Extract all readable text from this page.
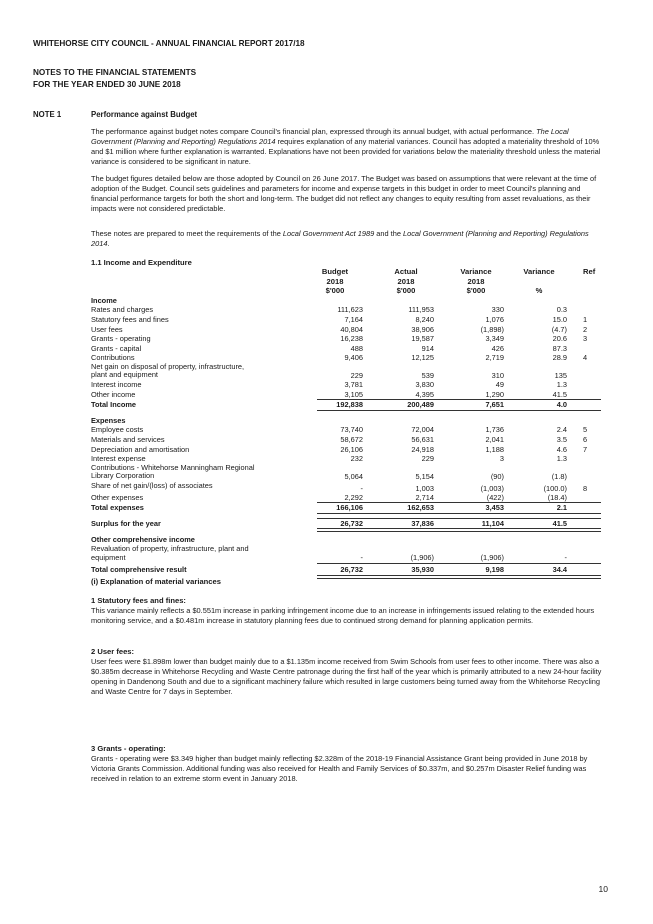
WHITEHORSE CITY COUNCIL - ANNUAL FINANCIAL REPORT 2017/18
NOTES TO THE FINANCIAL STATEMENTS
FOR THE YEAR ENDED 30 JUNE 2018
NOTE 1	Performance against Budget
The performance against budget notes compare Council's financial plan, expressed through its annual budget, with actual performance. The Local Government (Planning and Reporting) Regulations 2014 requires explanation of any material variances. Council has adopted a materiality threshold of 10% and $1 million where further explanation is warranted. Explanations have not been provided for variations below the materiality threshold unless the material variance is considered to be significant in nature.
The budget figures detailed below are those adopted by Council on 26 June 2017. The Budget was based on assumptions that were relevant at the time of adoption of the Budget. Council sets guidelines and parameters for income and expense targets in this budget in order to meet Council's planning and financial performance targets for both the short and long-term. The budget did not reflect any changes to equity resulting from asset revaluations, as their impacts were not considered predictable.
These notes are prepared to meet the requirements of the Local Government Act 1989 and the Local Government (Planning and Reporting) Regulations 2014.
1.1 Income and Expenditure
Budget	Actual	Variance	Variance	Ref
2018	2018	2018
$'000	$'000	$'000	%
Income
Rates and charges	111,623	111,953	330	0.3
Statutory fees and fines	7,164	8,240	1,076	15.0 1
User fees	40,804	38,906	(1,898)	(4.7) 2
Grants - operating	16,238	19,587	3,349	20.6 3
Grants - capital	488	914	426	87.3
Contributions	9,406	12,125	2,719	28.9 4
Net gain on disposal of property, infrastructure,
plant and equipment	229	539	310	135
Interest income	3,781	3,830	49	1.3
Other income	3,105	4,395	1,290	41.5
Total Income	192,838	200,489	7,651	4.0
Expenses
Employee costs	73,740	72,004	1,736	2.4 5
Materials and services	58,672	56,631	2,041	3.5 6
Depreciation and amortisation	26,106	24,918	1,188	4.6 7
Interest expense	232	229	3	1.3
Contributions - Whitehorse Manningham Regional
Library Corporation	5,064	5,154	(90)	(1.8)
Share of net gain/(loss) of associates	-	1,003	(1,003)	(100.0) 8
Other expenses	2,292	2,714	(422)	(18.4)
Total expenses	166,106	162,653	3,453	2.1
Surplus for the year	26,732	37,836	11,104	41.5
Other comprehensive income
Revaluation of property, infrastructure, plant and
equipment	-	(1,906)	(1,906)	-
Total comprehensive result	26,732	35,930	9,198	34.4
(i) Explanation of material variances
1 Statutory fees and fines:
This variance mainly reflects a $0.551m increase in parking infringement income due to an increase in infringements issued relating to the extended hours monitoring service, and a $0.481m increase in statutory planning fees due to continued strong demand for planning application permits.
2 User fees:
User fees were $1.898m lower than budget mainly due to a $1.135m income received from Swim Schools from user fees to other income. There was also a $0.385m decrease in Whitehorse Recycling and Waste Centre patronage during the first half of the year which is primarily attributed to a new 24-hour facility opening in Dandenong South and due to a significant machinery failure which resulted in large customers being turned away from the Whitehorse Recycling and Waste Centre for 7 days in September.
3 Grants - operating:
Grants - operating were $3.349 higher than budget mainly reflecting $2.328m of the 2018-19 Financial Assistance Grant being provided in June 2018 by Victoria Grants Commission. Additional funding was also received for Health and Family Services of $0.337m, and $0.257m Disaster Relief funding was received in relation to an extreme storm event in January 2018.
10
